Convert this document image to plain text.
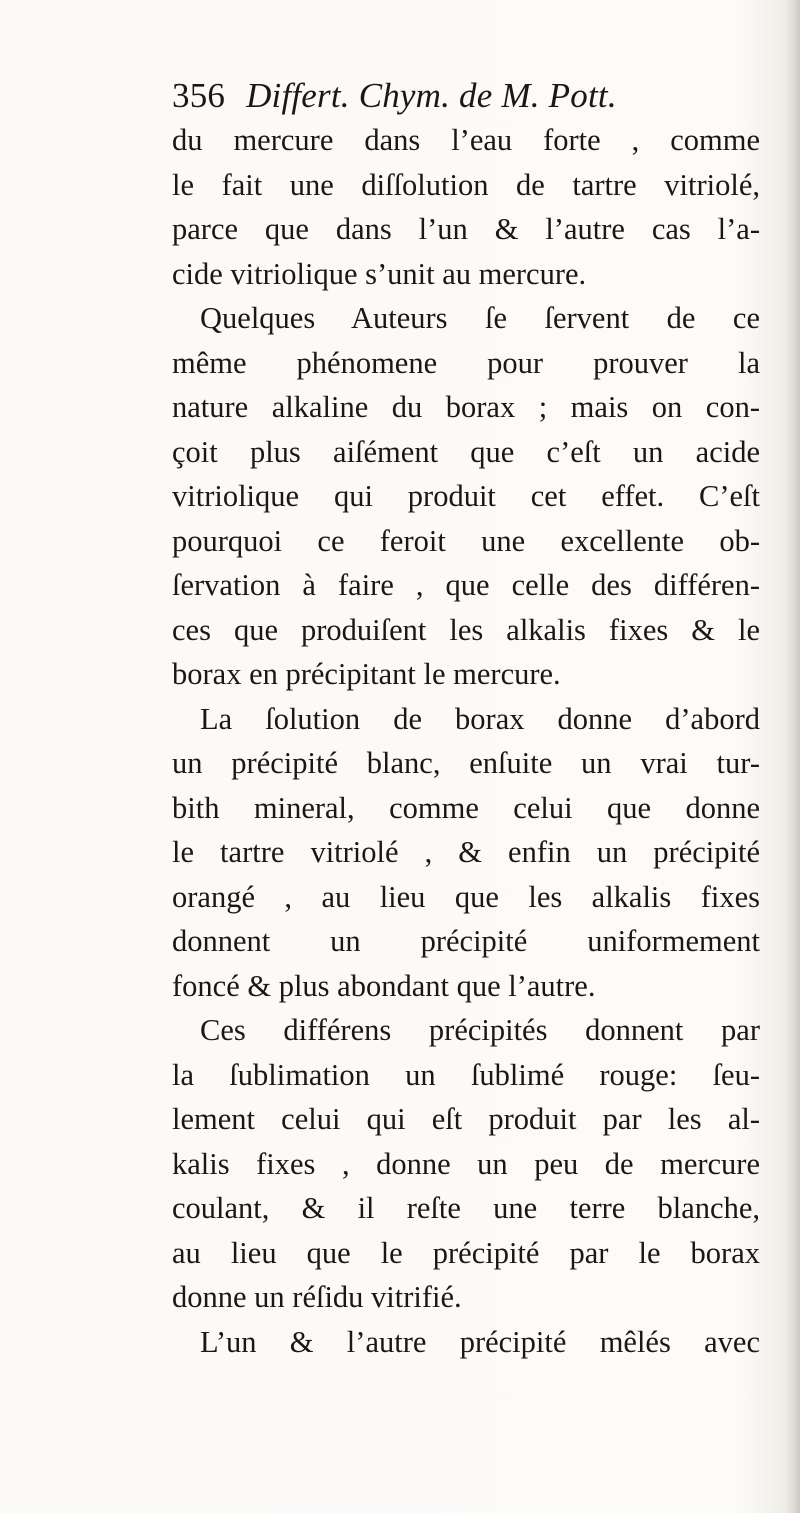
356 Differt. Chym. de M. Pott.
du mercure dans l’eau forte , comme
le fait une diſſolution de tartre vitriolé,
parce que dans l’un & l’autre cas l’a-
cide vitriolique s’unit au mercure.
Quelques Auteurs ſe ſervent de ce
même phénomene pour prouver la
nature alkaline du borax ; mais on con-
çoit plus aiſément que c’eſt un acide
vitriolique qui produit cet effet. C’eſt
pourquoi ce feroit une excellente ob-
ſervation à faire , que celle des différen-
ces que produiſent les alkalis fixes & le
borax en précipitant le mercure.
La ſolution de borax donne d’abord
un précipité blanc, enſuite un vrai tur-
bith mineral, comme celui que donne
le tartre vitriolé , & enfin un précipité
orangé , au lieu que les alkalis fixes
donnent un précipité uniformement
foncé & plus abondant que l’autre.
Ces différens précipités donnent par
la ſublimation un ſublimé rouge: ſeu-
lement celui qui eſt produit par les al-
kalis fixes , donne un peu de mercure
coulant, & il reſte une terre blanche,
au lieu que le précipité par le borax
donne un réſidu vitrifié.
L’un & l’autre précipité mêlés avec
